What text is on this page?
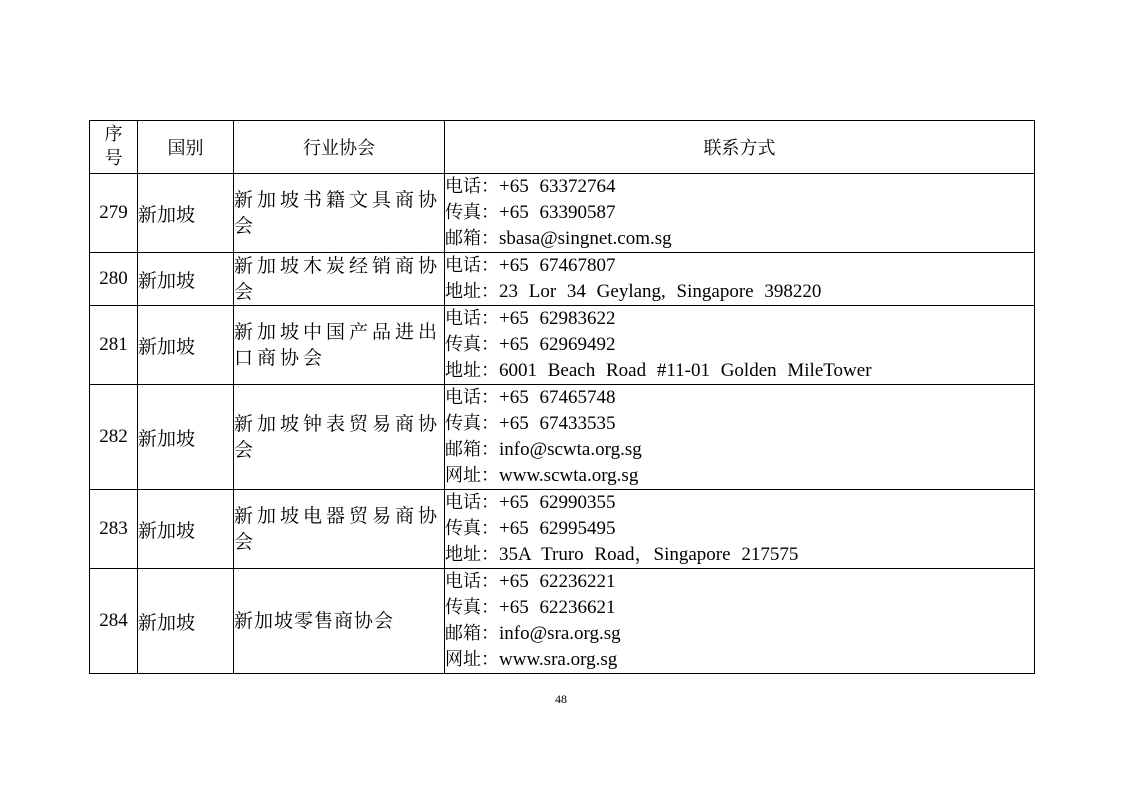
序
号	国别	行业协会	联系方式
279	新加坡	新加坡书籍文具商协会	电话：+65 63372764
传真：+65 63390587
邮箱：sbasa@singnet.com.sg

280	新加坡	新加坡木炭经销商协会	电话：+65 67467807
地址：23 Lor 34 Geylang, Singapore 398220

281	新加坡	新加坡中国产品进出口商协会	电话：+65 62983622
传真：+65 62969492
地址：6001 Beach Road #11-01 Golden MileTower

282	新加坡	新加坡钟表贸易商协会	电话：+65 67465748
传真：+65 67433535
邮箱：info@scwta.org.sg
网址：www.scwta.org.sg

283	新加坡	新加坡电器贸易商协会	电话：+65 62990355
传真：+65 62995495
地址：35A Truro Road，Singapore 217575

284	新加坡	新加坡零售商协会	电话：+65 62236221
传真：+65 62236621
邮箱：info@sra.org.sg
网址：www.sra.org.sg
48
